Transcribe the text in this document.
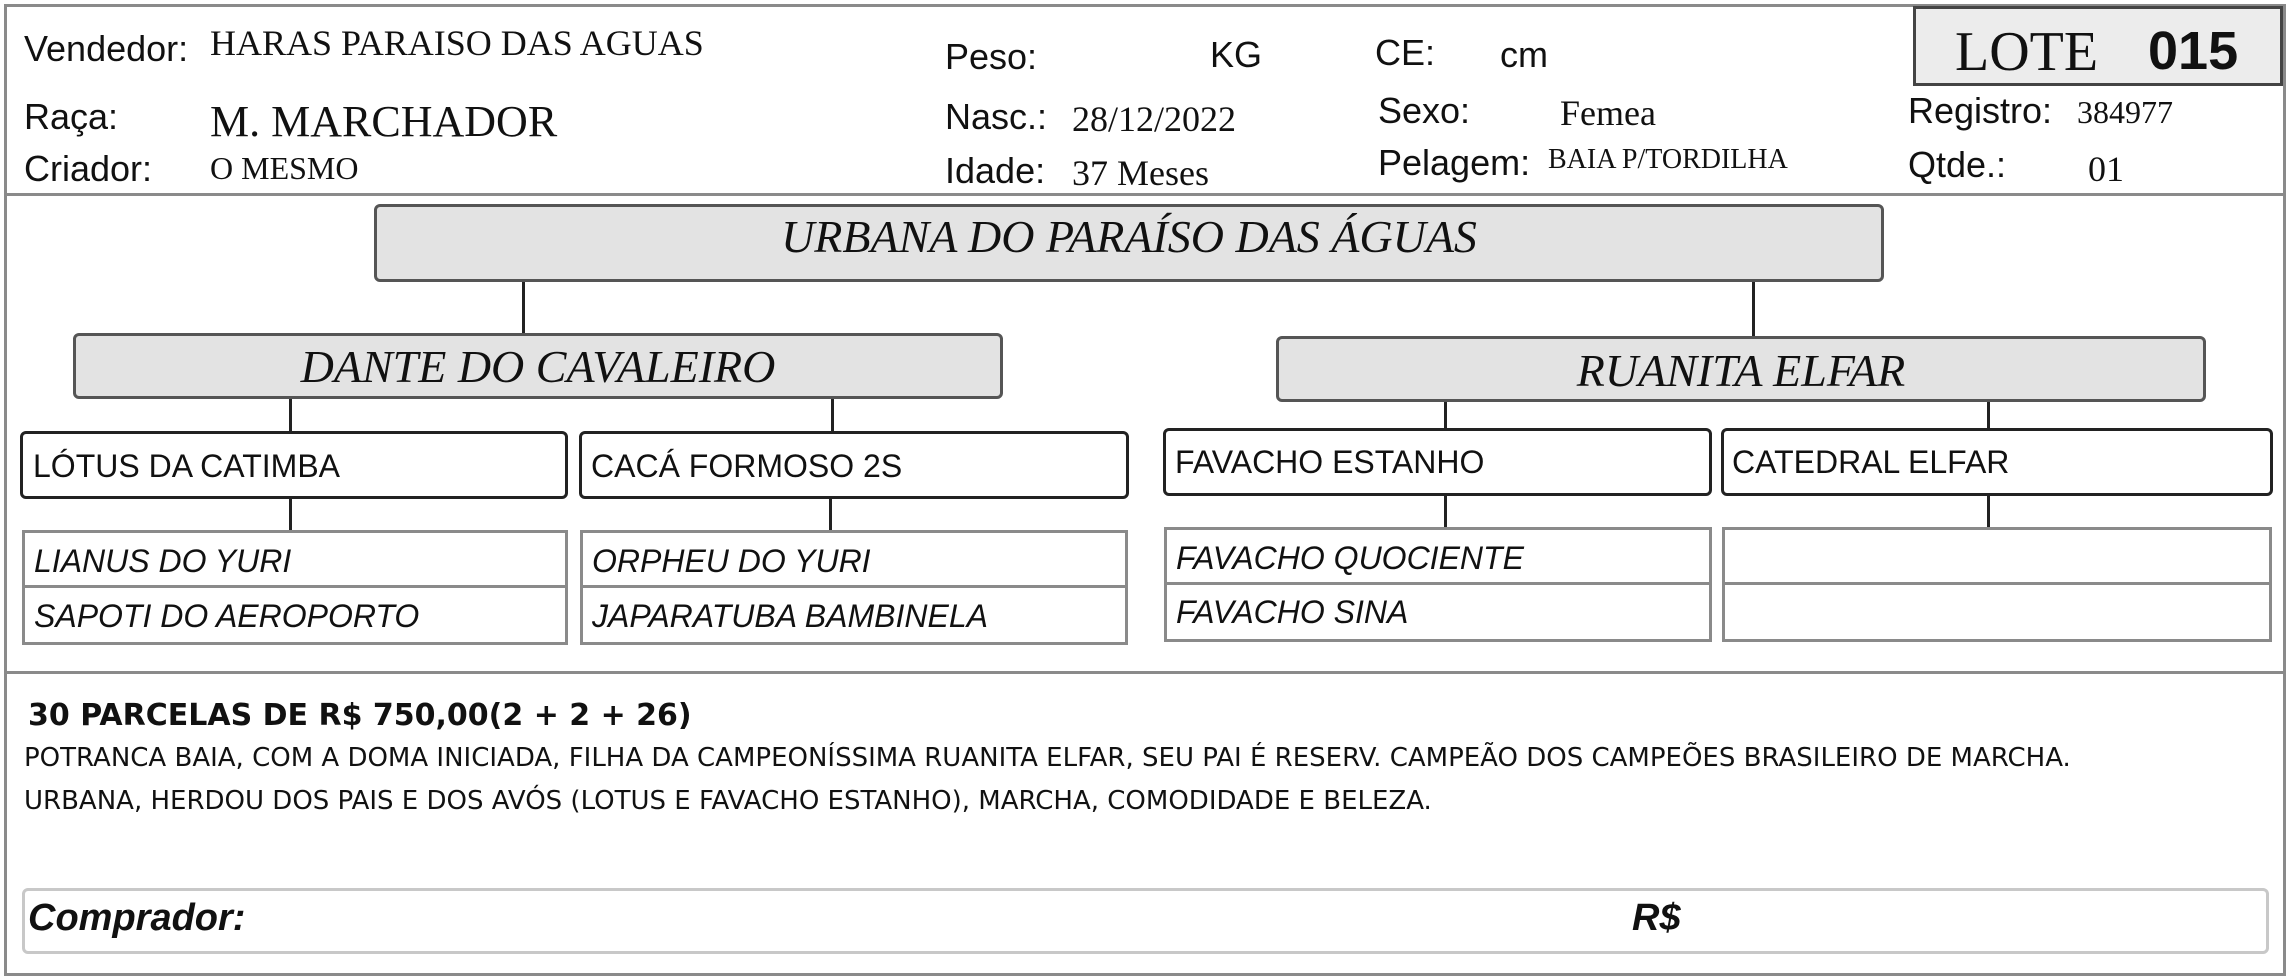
Vendedor: HARAS PARAISO DAS AGUAS
Raça: M. MARCHADOR
Criador: O MESMO
Peso:	KG
Nasc.: 28/12/2022
Idade: 37 Meses
CE: cm
Sexo: Femea
Pelagem: BAIA P/TORDILHA
LOTE 015
Registro: 384977
Qtde.: 01
URBANA DO PARAÍSO DAS ÁGUAS
DANTE DO CAVALEIRO	RUANITA ELFAR
LÓTUS DA CATIMBA	CACÁ FORMOSO 2S	FAVACHO ESTANHO	CATEDRAL ELFAR
LIANUS DO YURI
SAPOTI DO AEROPORTO
ORPHEU DO YURI
JAPARATUBA BAMBINELA
FAVACHO QUOCIENTE
FAVACHO SINA
30 PARCELAS DE R$ 750,00(2 + 2 + 26)
POTRANCA BAIA, COM A DOMA INICIADA, FILHA DA CAMPEONÍSSIMA RUANITA ELFAR, SEU PAI É RESERV. CAMPEÃO DOS CAMPEÕES BRASILEIRO DE MARCHA.
URBANA, HERDOU DOS PAIS E DOS AVÓS (LOTUS E FAVACHO ESTANHO), MARCHA, COMODIDADE E BELEZA.
Comprador:	R$
